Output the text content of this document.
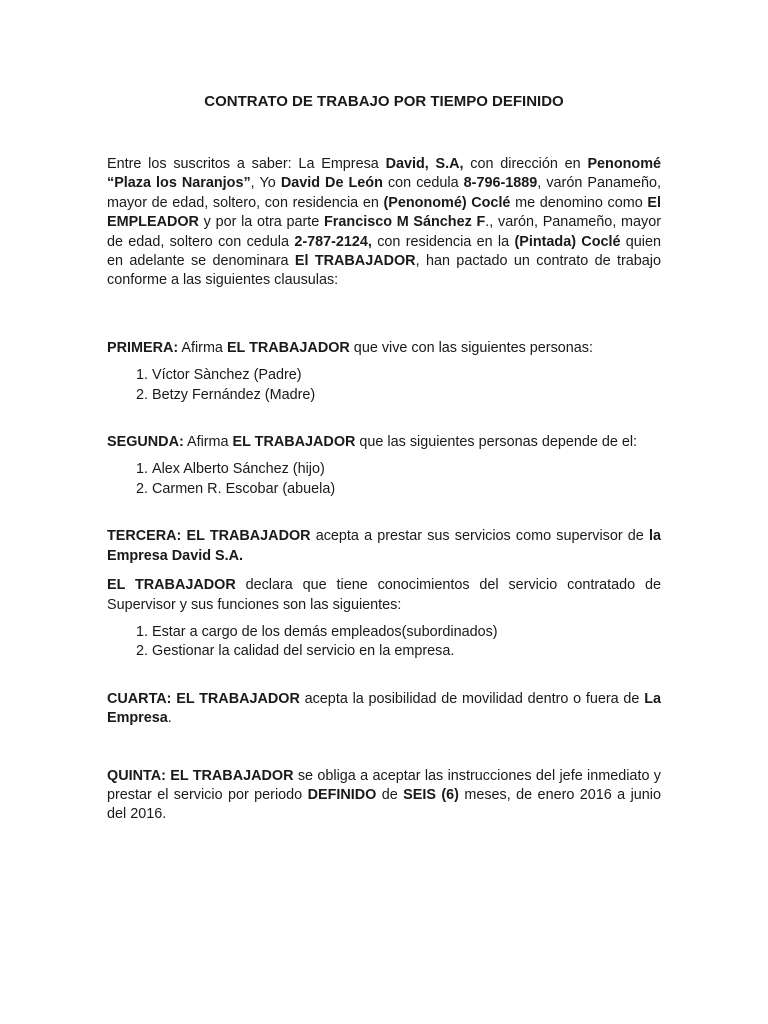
CONTRATO DE TRABAJO POR TIEMPO DEFINIDO

Entre los suscritos a saber: La Empresa David, S.A, con dirección en Penonomé “Plaza los Naranjos”, Yo David De León con cedula 8-796-1889, varón Panameño, mayor de edad, soltero, con residencia en (Penonomé) Coclé me denomino como El EMPLEADOR y por la otra parte Francisco M Sánchez F., varón, Panameño, mayor de edad, soltero con cedula 2-787-2124, con residencia en la (Pintada) Coclé quien en adelante se denominara El TRABAJADOR, han pactado un contrato de trabajo conforme a las siguientes clausulas:

PRIMERA: Afirma EL TRABAJADOR que vive con las siguientes personas:

1. Víctor Sànchez (Padre)
2. Betzy Fernández (Madre)

SEGUNDA: Afirma EL TRABAJADOR que las siguientes personas depende de el:

1. Alex Alberto Sánchez (hijo)
2. Carmen R. Escobar (abuela)

TERCERA: EL TRABAJADOR acepta a prestar sus servicios como supervisor de la Empresa David S.A.

EL TRABAJADOR declara que tiene conocimientos del servicio contratado de Supervisor y sus funciones son las siguientes:

1. Estar a cargo de los demás empleados(subordinados)
2. Gestionar la calidad del servicio en la empresa.

CUARTA: EL TRABAJADOR acepta la posibilidad de movilidad dentro o fuera de La Empresa.

QUINTA: EL TRABAJADOR se obliga a aceptar las instrucciones del jefe inmediato y prestar el servicio por periodo DEFINIDO de SEIS (6) meses, de enero 2016 a junio del 2016.
